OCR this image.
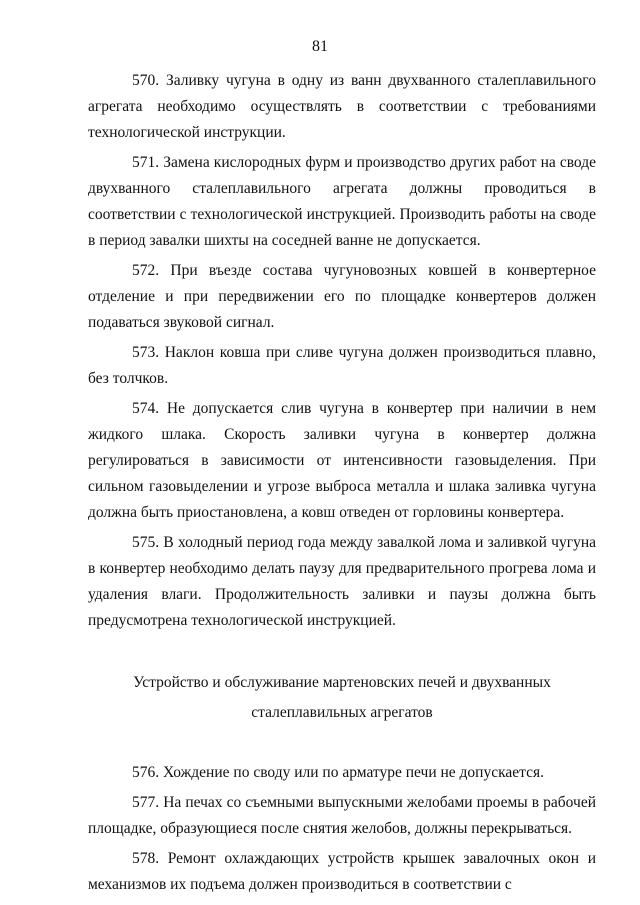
81

570. Заливку чугуна в одну из ванн двухванного сталеплавильного агрегата необходимо осуществлять в соответствии с требованиями технологической инструкции.

571. Замена кислородных фурм и производство других работ на своде двухванного сталеплавильного агрегата должны проводиться в соответствии с технологической инструкцией. Производить работы на своде в период завалки шихты на соседней ванне не допускается.

572. При въезде состава чугуновозных ковшей в конвертерное отделение и при передвижении его по площадке конвертеров должен подаваться звуковой сигнал.

573. Наклон ковша при сливе чугуна должен производиться плавно, без толчков.

574. Не допускается слив чугуна в конвертер при наличии в нем жидкого шлака. Скорость заливки чугуна в конвертер должна регулироваться в зависимости от интенсивности газовыделения. При сильном газовыделении и угрозе выброса металла и шлака заливка чугуна должна быть приостановлена, а ковш отведен от горловины конвертера.

575. В холодный период года между завалкой лома и заливкой чугуна в конвертер необходимо делать паузу для предварительного прогрева лома и удаления влаги. Продолжительность заливки и паузы должна быть предусмотрена технологической инструкцией.

Устройство и обслуживание мартеновских печей и двухванных
сталеплавильных агрегатов

576. Хождение по своду или по арматуре печи не допускается.

577. На печах со съемными выпускными желобами проемы в рабочей площадке, образующиеся после снятия желобов, должны перекрываться.

578. Ремонт охлаждающих устройств крышек завалочных окон и механизмов их подъема должен производиться в соответствии с
